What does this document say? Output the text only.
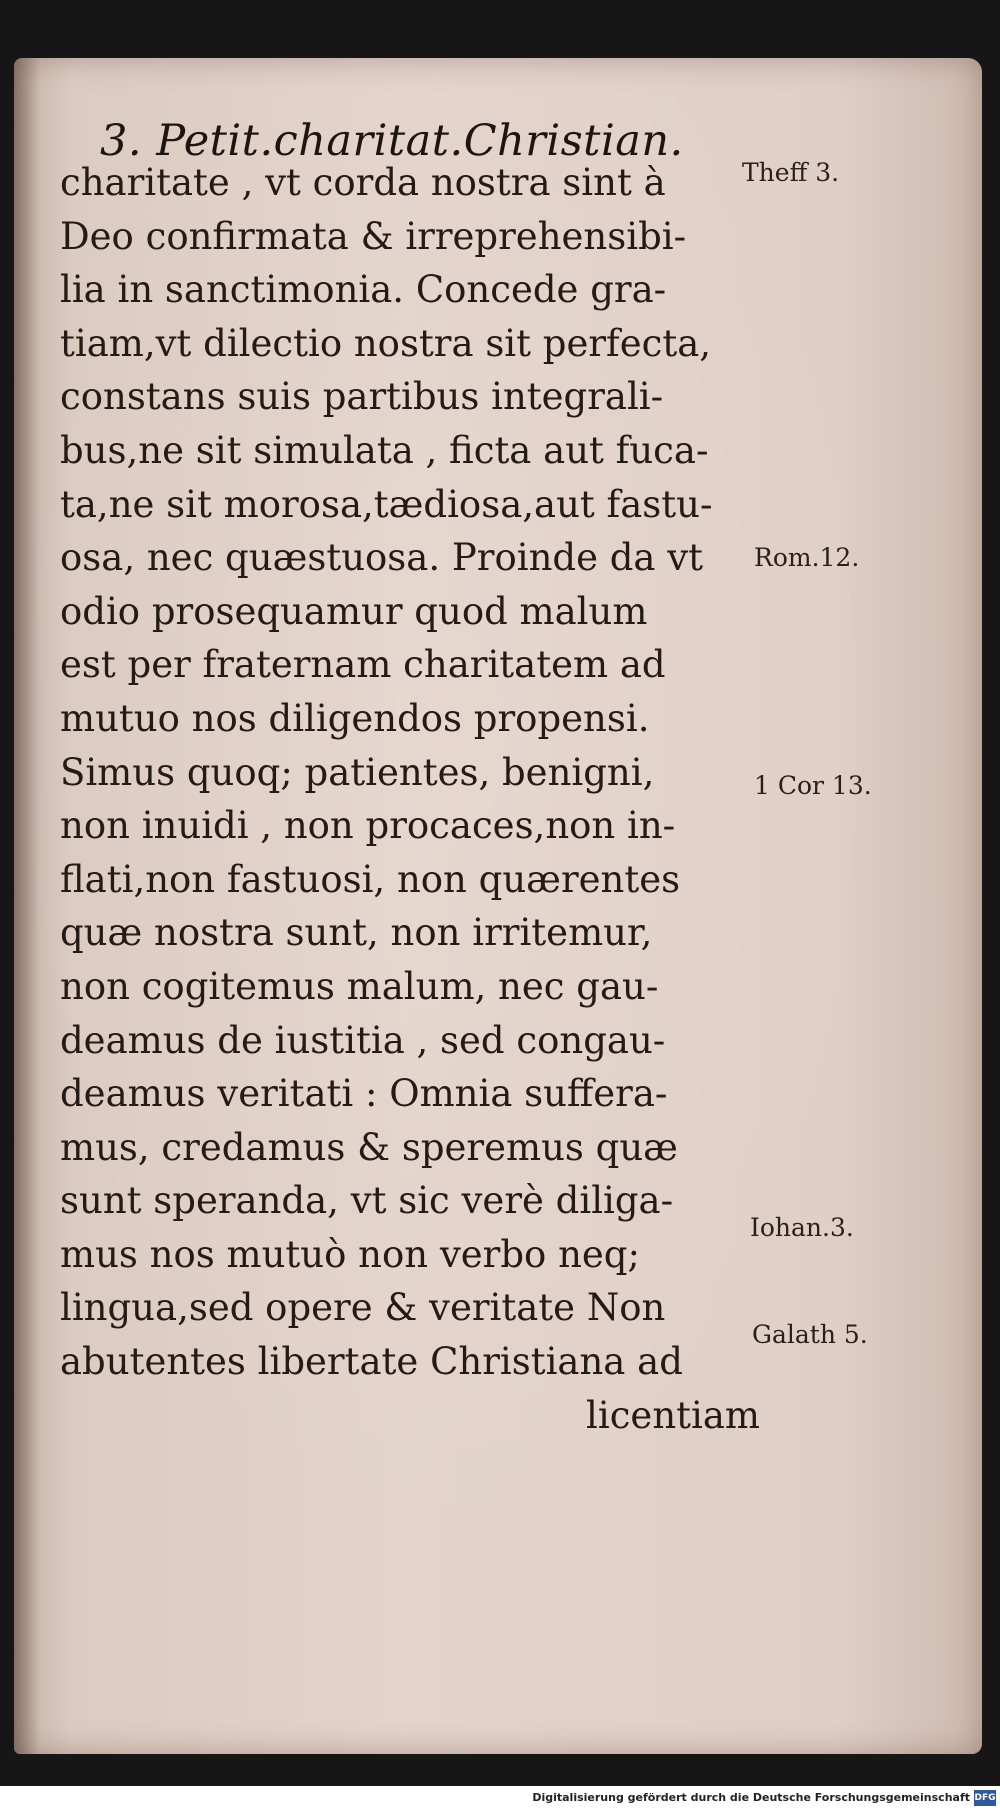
3. Petit.charitat.Christian.
charitate , vt corda nostra sint à
Deo confirmata & irreprehensibi-
lia in sanctimonia. Concede gra-
tiam,vt dilectio nostra sit perfecta,
constans suis partibus integrali-
bus,ne sit simulata , ficta aut fuca-
ta,ne sit morosa,tædiosa,aut fastu-
osa, nec quæstuosa. Proinde da vt
odio prosequamur quod malum
est per fraternam charitatem ad
mutuo nos diligendos propensi.
Simus quoq; patientes, benigni,
non inuidi , non procaces,non in-
flati,non fastuosi, non quærentes
quæ nostra sunt, non irritemur,
non cogitemus malum, nec gau-
deamus de iustitia , sed congau-
deamus veritati : Omnia suffera-
mus, credamus & speremus quæ
sunt speranda, vt sic verè diliga-
mus nos mutuò non verbo neq;
lingua,sed opere & veritate Non
abutentes libertate Christiana ad
licentiam
Theff 3.
Rom.12.
1 Cor 13.
Iohan.3.
Galath 5.
Digitalisierung gefördert durch die Deutsche Forschungsgemeinschaft DFG
